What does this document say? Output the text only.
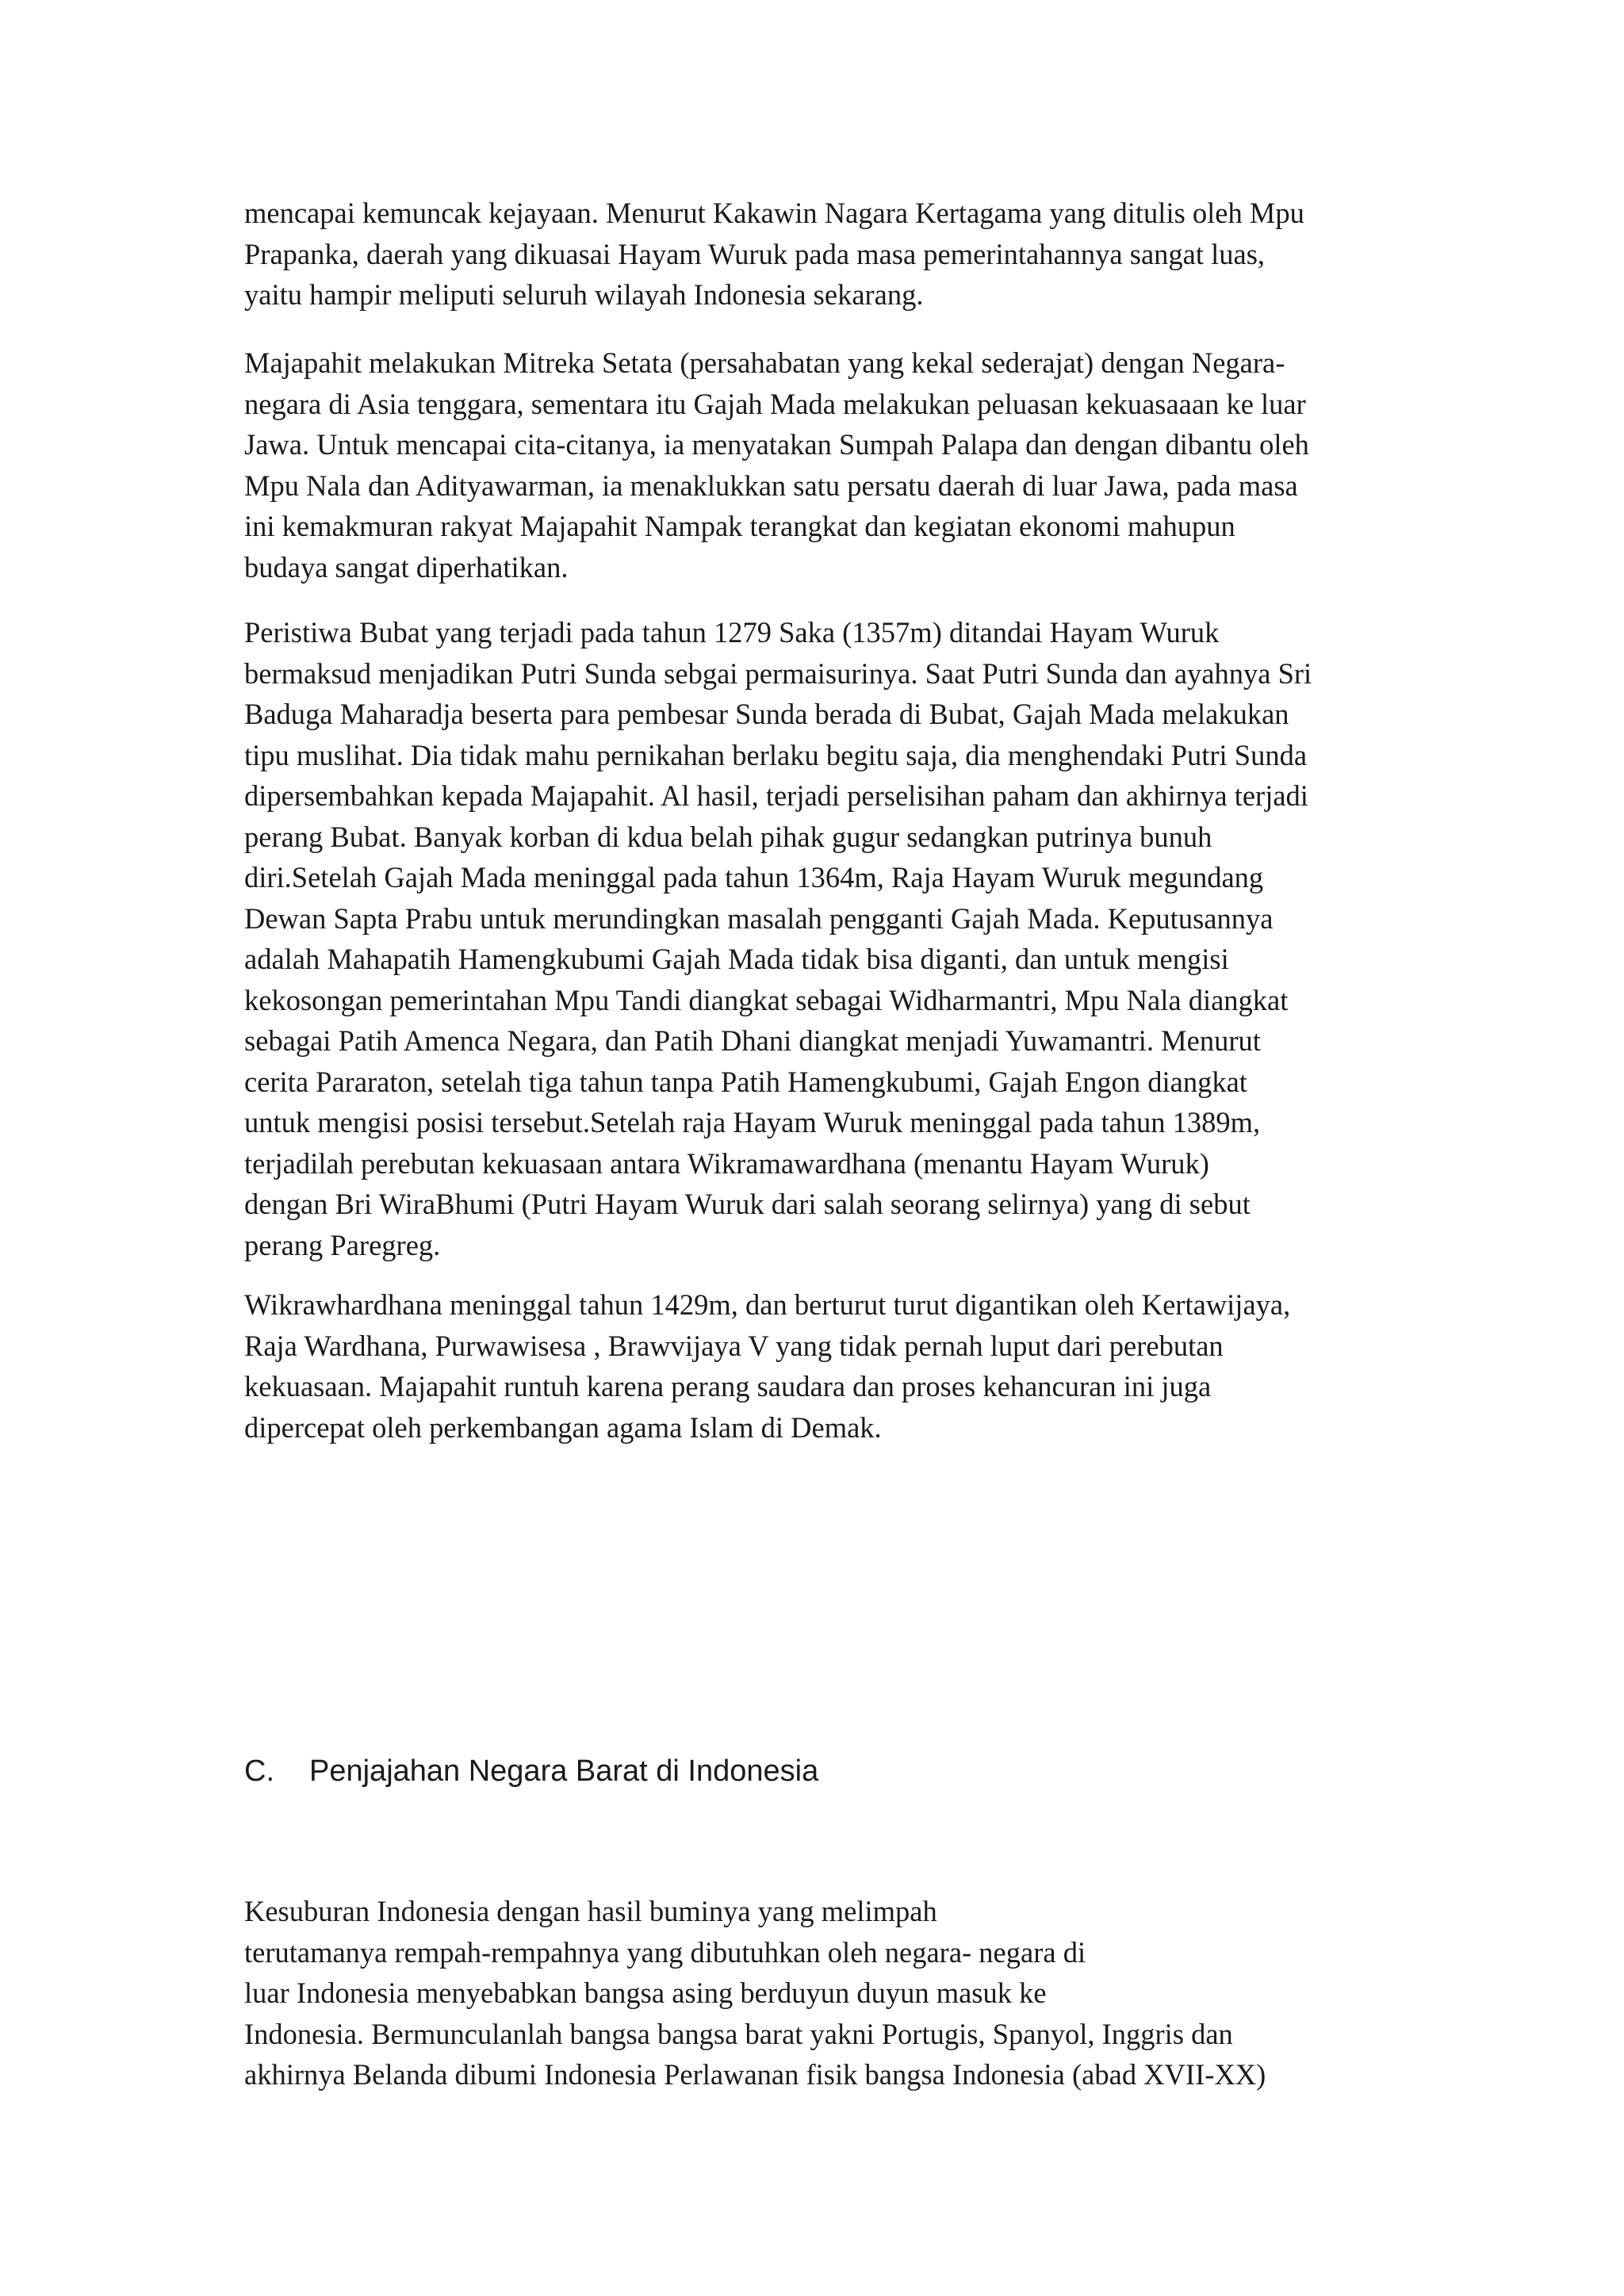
mencapai kemuncak kejayaan. Menurut Kakawin Nagara Kertagama yang ditulis oleh Mpu
Prapanka, daerah yang dikuasai Hayam Wuruk pada masa pemerintahannya sangat luas,
yaitu hampir meliputi seluruh wilayah Indonesia sekarang.
Majapahit melakukan Mitreka Setata (persahabatan yang kekal sederajat) dengan Negara-
negara di Asia tenggara, sementara itu Gajah Mada melakukan peluasan kekuasaaan ke luar
Jawa. Untuk mencapai cita-citanya, ia menyatakan Sumpah Palapa dan dengan dibantu oleh
Mpu Nala dan Adityawarman, ia menaklukkan satu persatu daerah di luar Jawa, pada masa
ini kemakmuran rakyat Majapahit Nampak terangkat dan kegiatan ekonomi mahupun
budaya sangat diperhatikan.
Peristiwa Bubat yang terjadi pada tahun 1279 Saka (1357m) ditandai Hayam Wuruk
bermaksud menjadikan Putri Sunda sebgai permaisurinya. Saat Putri Sunda dan ayahnya Sri
Baduga Maharadja beserta para pembesar Sunda berada di Bubat, Gajah Mada melakukan
tipu muslihat. Dia tidak mahu pernikahan berlaku begitu saja, dia menghendaki Putri Sunda
dipersembahkan kepada Majapahit. Al hasil, terjadi perselisihan paham dan akhirnya terjadi
perang Bubat. Banyak korban di kdua belah pihak gugur sedangkan putrinya bunuh
diri.Setelah Gajah Mada meninggal pada tahun 1364m, Raja Hayam Wuruk megundang
Dewan Sapta Prabu untuk merundingkan masalah pengganti Gajah Mada. Keputusannya
adalah Mahapatih Hamengkubumi Gajah Mada tidak bisa diganti, dan untuk mengisi
kekosongan pemerintahan Mpu Tandi diangkat sebagai Widharmantri, Mpu Nala diangkat
sebagai Patih Amenca Negara, dan Patih Dhani diangkat menjadi Yuwamantri. Menurut
cerita Pararaton, setelah tiga tahun tanpa Patih Hamengkubumi, Gajah Engon diangkat
untuk mengisi posisi tersebut.Setelah raja Hayam Wuruk meninggal pada tahun 1389m,
terjadilah perebutan kekuasaan antara Wikramawardhana (menantu Hayam Wuruk)
dengan Bri WiraBhumi (Putri Hayam Wuruk dari salah seorang selirnya) yang di sebut
perang Paregreg.
Wikrawhardhana meninggal tahun 1429m, dan berturut turut digantikan oleh Kertawijaya,
Raja Wardhana, Purwawisesa , Brawvijaya V yang tidak pernah luput dari perebutan
kekuasaan. Majapahit runtuh karena perang saudara dan proses kehancuran ini juga
dipercepat oleh perkembangan agama Islam di Demak.
C. Penjajahan Negara Barat di Indonesia
Kesuburan Indonesia dengan hasil buminya yang melimpah
terutamanya rempah-rempahnya yang dibutuhkan oleh negara- negara di
luar Indonesia menyebabkan bangsa asing berduyun duyun masuk ke
Indonesia. Bermunculanlah bangsa bangsa barat yakni Portugis, Spanyol, Inggris dan
akhirnya Belanda dibumi Indonesia Perlawanan fisik bangsa Indonesia (abad XVII-XX)
